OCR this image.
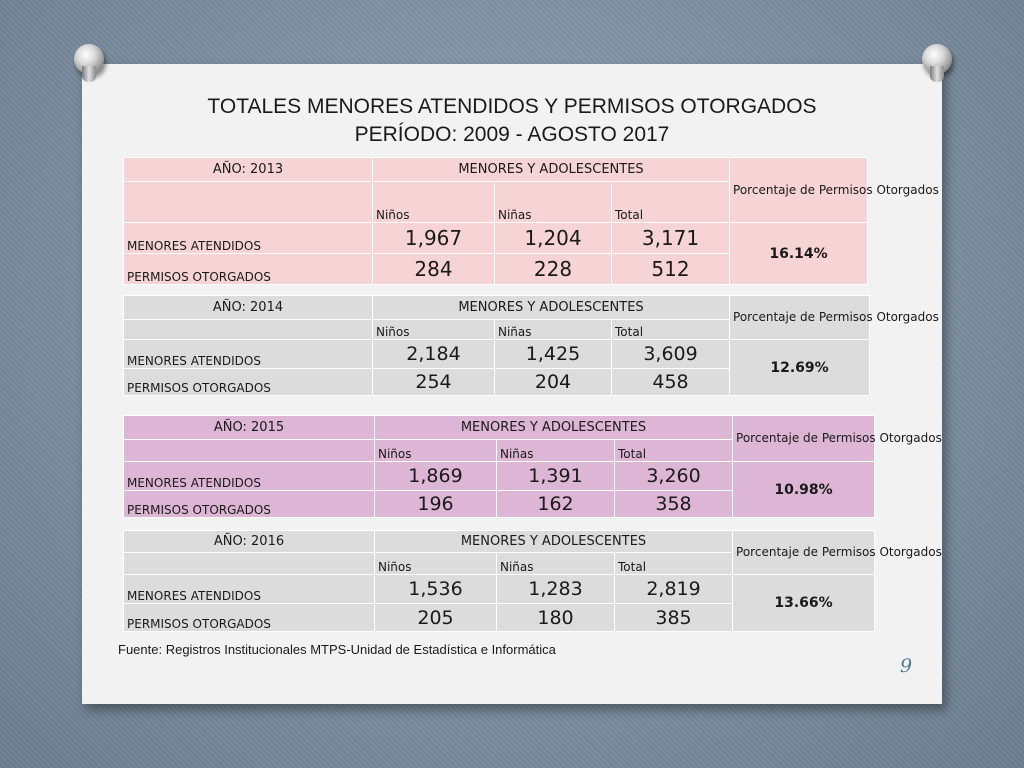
TOTALES MENORES ATENDIDOS Y PERMISOS OTORGADOS
PERÍODO: 2009 - AGOSTO 2017
AÑO: 2013	MENORES Y ADOLESCENTES			Porcentaje de Permisos Otorgados
	Niños	Niñas	Total	
MENORES ATENDIDOS	1,967	1,204	3,171	16.14%
PERMISOS OTORGADOS	284	228	512	
AÑO: 2014	MENORES Y ADOLESCENTES			Porcentaje de Permisos Otorgados
	Niños	Niñas	Total	
MENORES ATENDIDOS	2,184	1,425	3,609	12.69%
PERMISOS OTORGADOS	254	204	458	
AÑO: 2015	MENORES Y ADOLESCENTES			Porcentaje de Permisos Otorgados
	Niños	Niñas	Total	
MENORES ATENDIDOS	1,869	1,391	3,260	10.98%
PERMISOS OTORGADOS	196	162	358	
AÑO: 2016	MENORES Y ADOLESCENTES			Porcentaje de Permisos Otorgados
	Niños	Niñas	Total	
MENORES ATENDIDOS	1,536	1,283	2,819	13.66%
PERMISOS OTORGADOS	205	180	385	
Fuente: Registros Institucionales MTPS-Unidad de Estadística e Informática
9
